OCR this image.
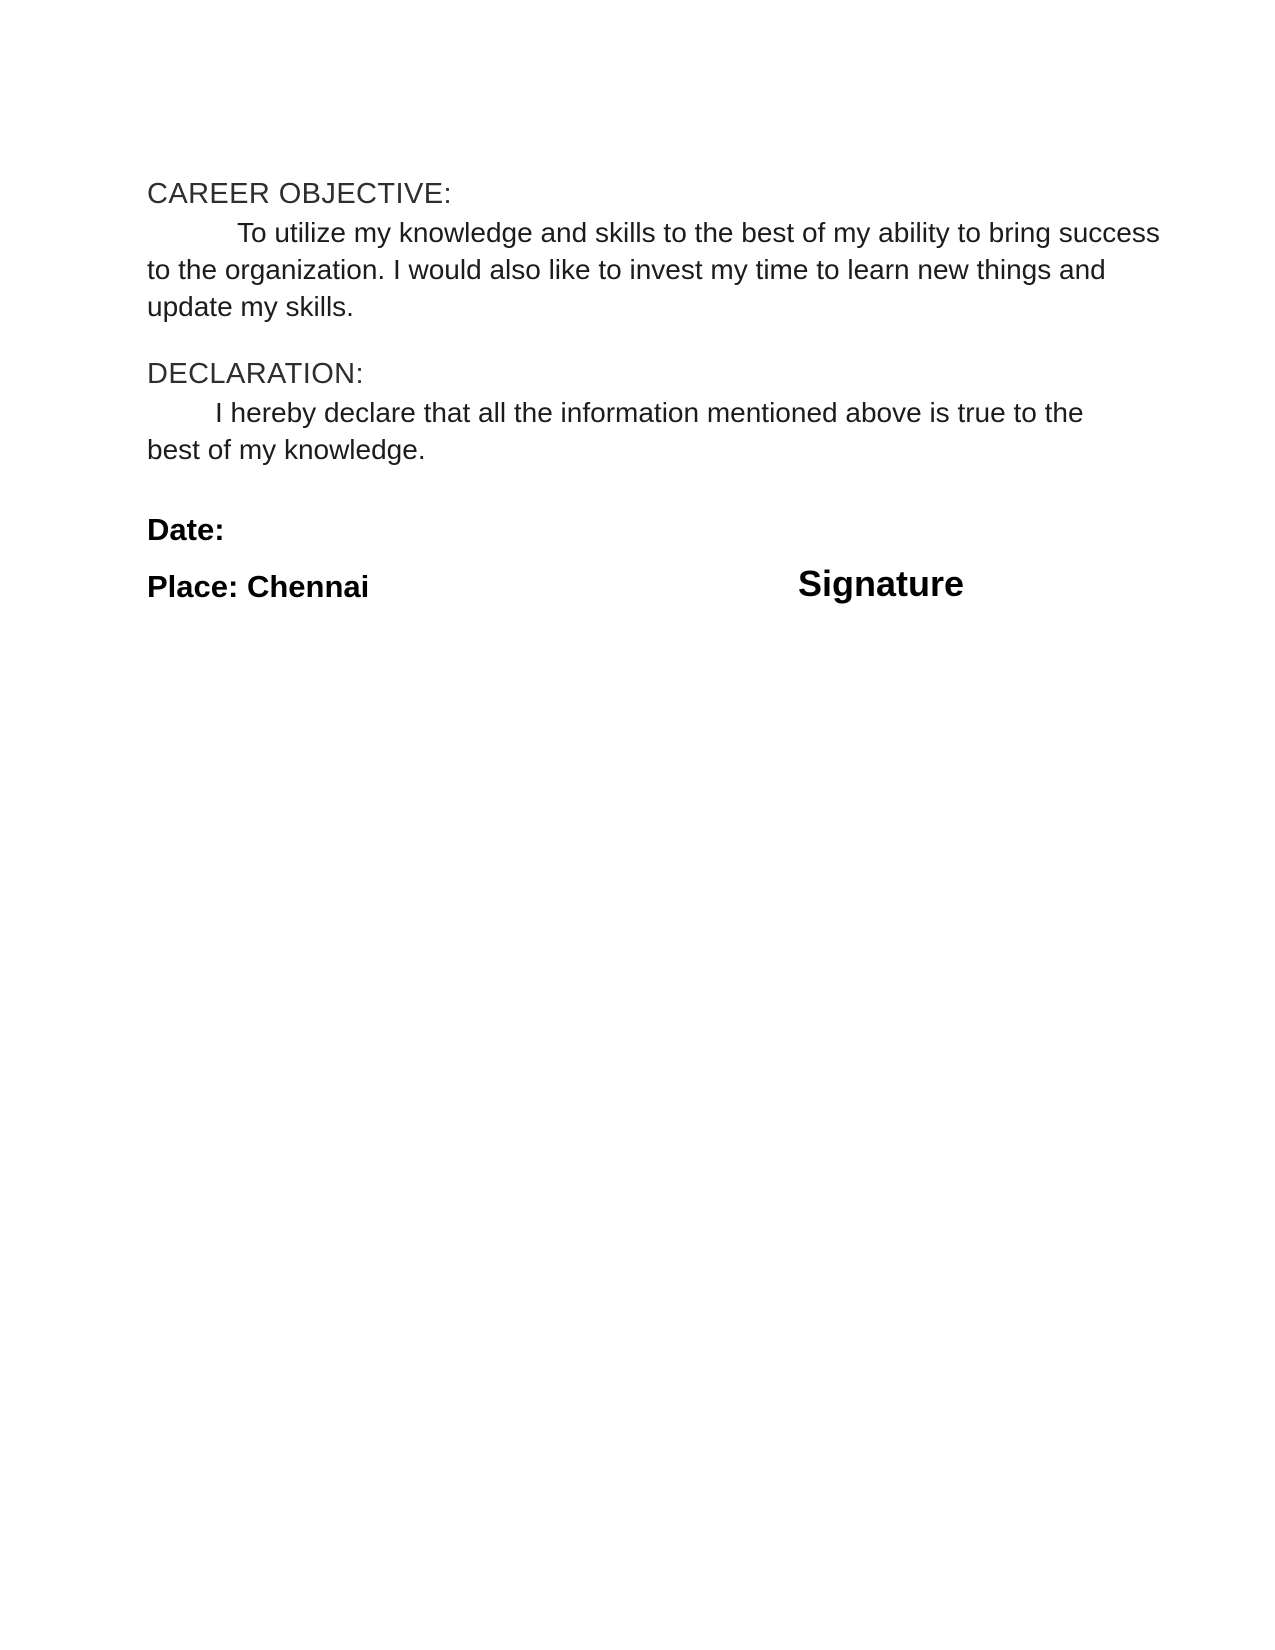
CAREER OBJECTIVE:
To utilize my knowledge and skills to the best of my ability to bring success
to the organization. I would also like to invest my time to learn new things and
update my skills.
DECLARATION:
I hereby declare that all the information mentioned above is true to the
best of my knowledge.
Date:
Place: Chennai	Signature
